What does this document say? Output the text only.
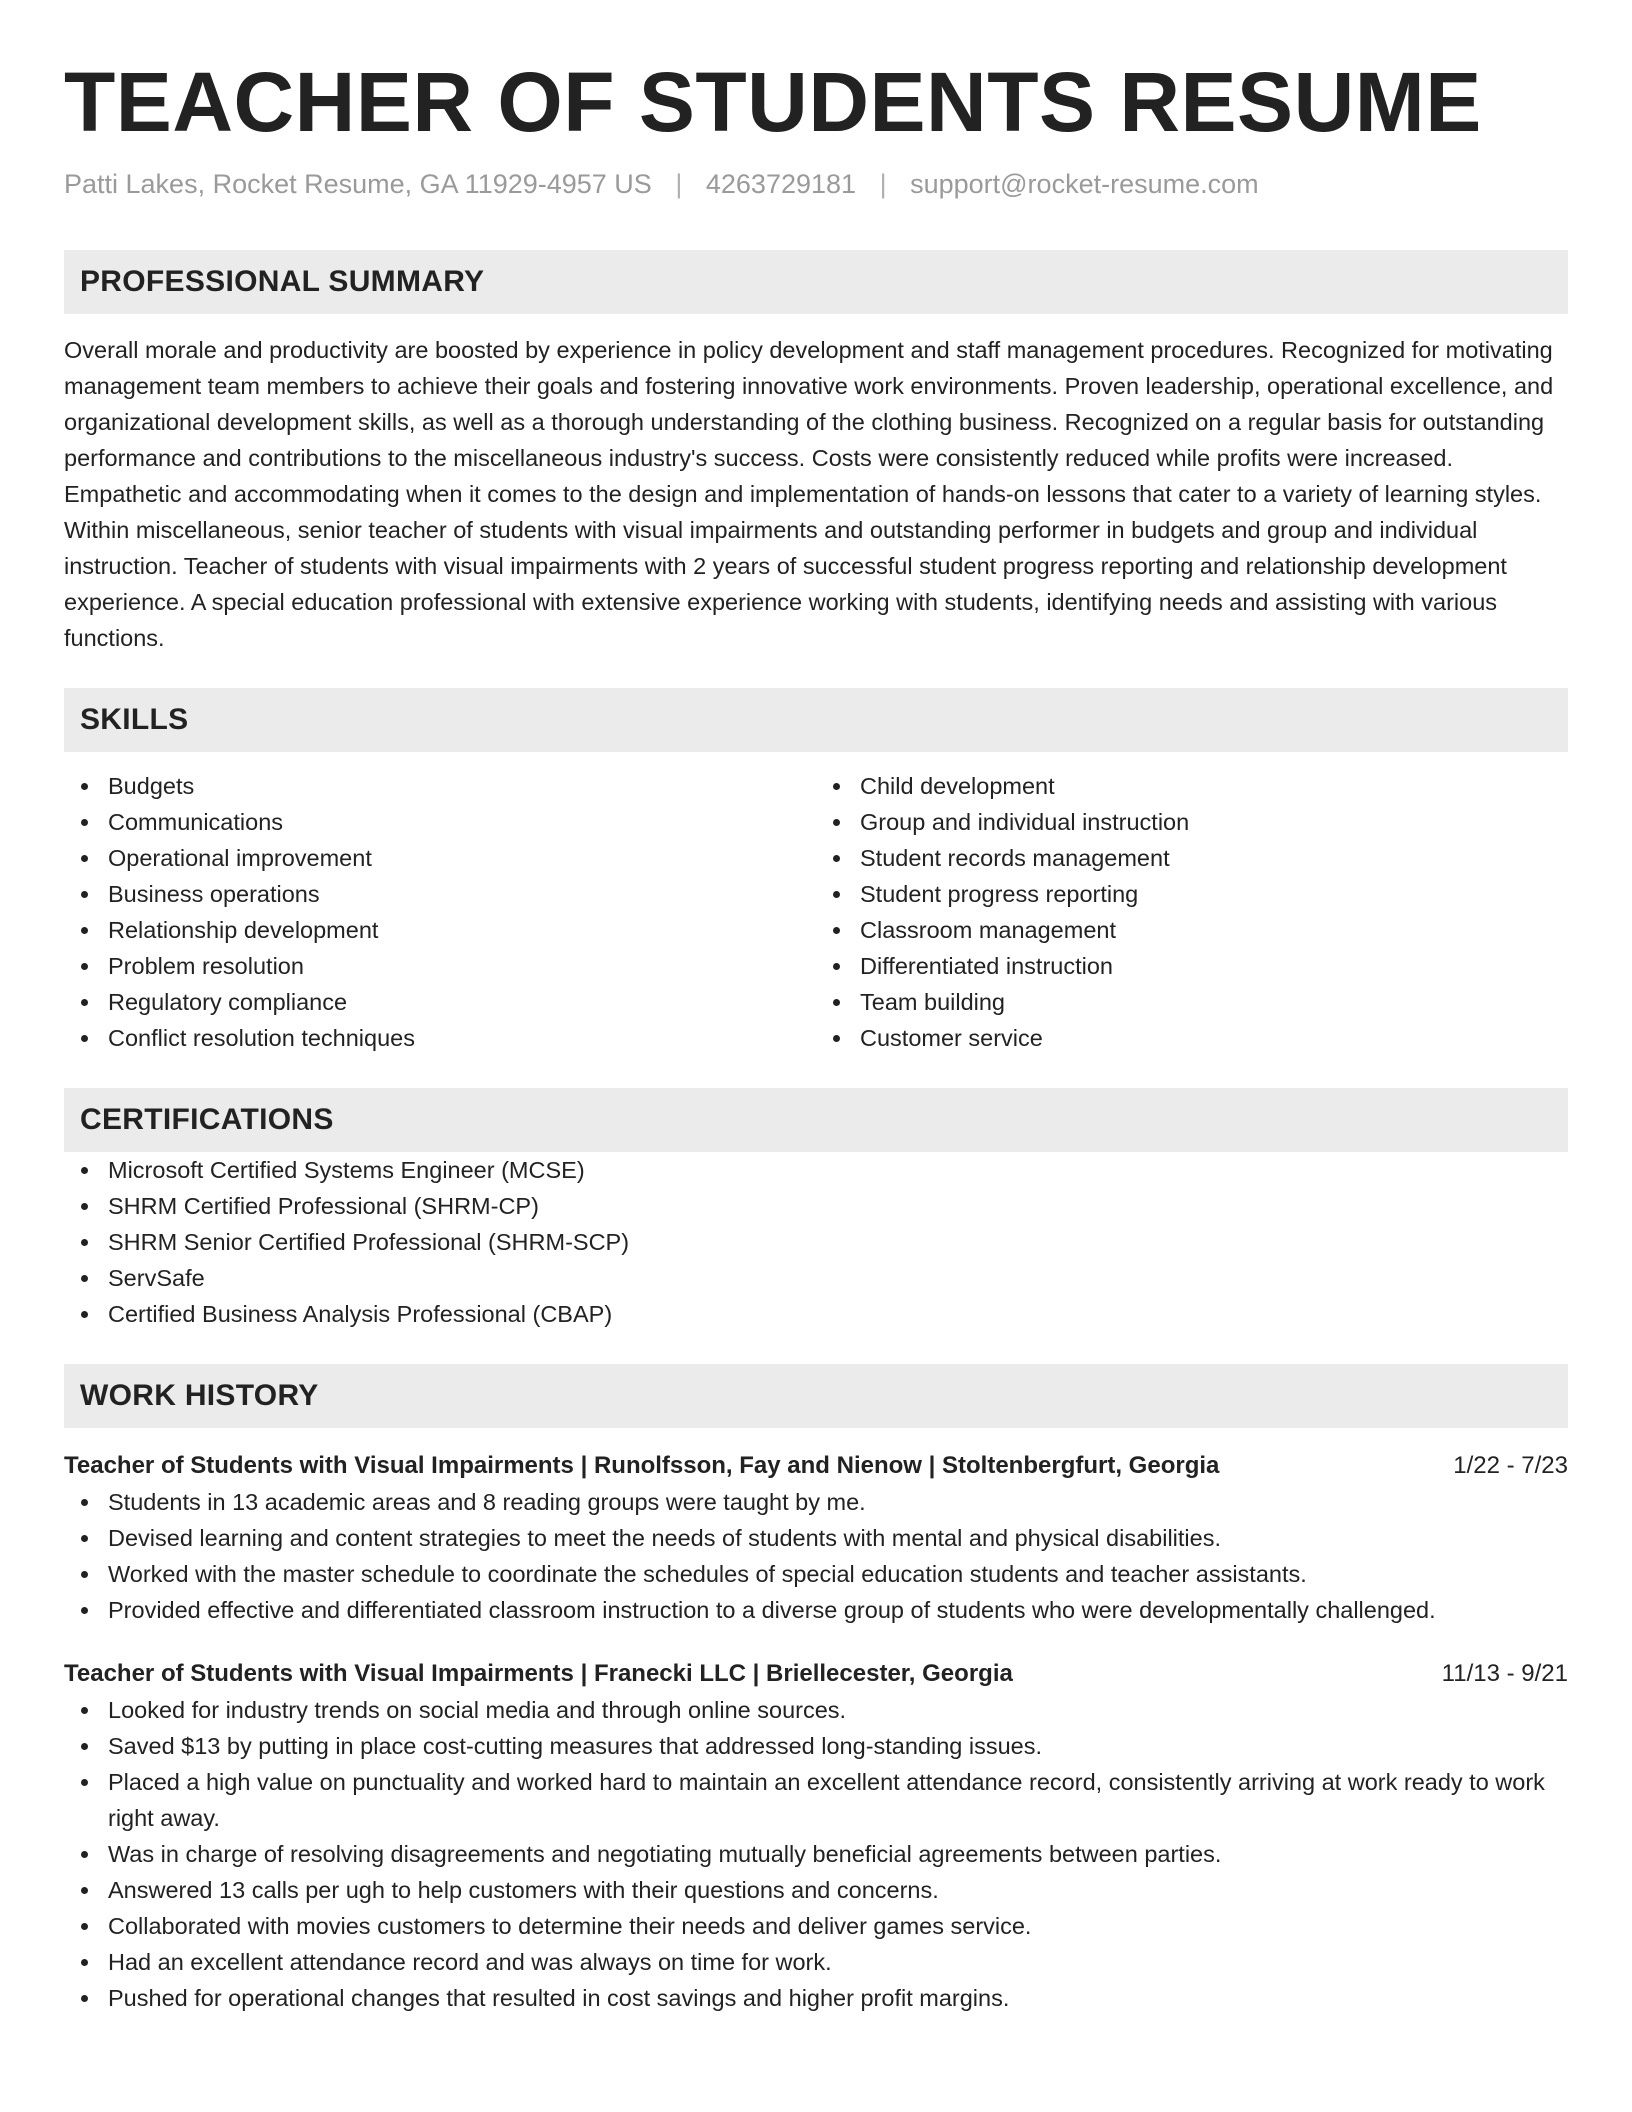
TEACHER OF STUDENTS RESUME
Patti Lakes, Rocket Resume, GA 11929-4957 US | 4263729181 | support@rocket-resume.com
PROFESSIONAL SUMMARY

Overall morale and productivity are boosted by experience in policy development and staff management procedures. Recognized for motivating management team members to achieve their goals and fostering innovative work environments. Proven leadership, operational excellence, and organizational development skills, as well as a thorough understanding of the clothing business. Recognized on a regular basis for outstanding performance and contributions to the miscellaneous industry's success. Costs were consistently reduced while profits were increased. Empathetic and accommodating when it comes to the design and implementation of hands-on lessons that cater to a variety of learning styles. Within miscellaneous, senior teacher of students with visual impairments and outstanding performer in budgets and group and individual instruction. Teacher of students with visual impairments with 2 years of successful student progress reporting and relationship development experience. A special education professional with extensive experience working with students, identifying needs and assisting with various functions.

SKILLS
Budgets
Communications
Operational improvement
Business operations
Relationship development
Problem resolution
Regulatory compliance
Conflict resolution techniques
Child development
Group and individual instruction
Student records management
Student progress reporting
Classroom management
Differentiated instruction
Team building
Customer service
CERTIFICATIONS
Microsoft Certified Systems Engineer (MCSE)
SHRM Certified Professional (SHRM-CP)
SHRM Senior Certified Professional (SHRM-SCP)
ServSafe
Certified Business Analysis Professional (CBAP)
WORK HISTORY
Teacher of Students with Visual Impairments | Runolfsson, Fay and Nienow | Stoltenbergfurt, Georgia	1/22 - 7/23
Students in 13 academic areas and 8 reading groups were taught by me.
Devised learning and content strategies to meet the needs of students with mental and physical disabilities.
Worked with the master schedule to coordinate the schedules of special education students and teacher assistants.
Provided effective and differentiated classroom instruction to a diverse group of students who were developmentally challenged.
Teacher of Students with Visual Impairments | Franecki LLC | Briellecester, Georgia	11/13 - 9/21
Looked for industry trends on social media and through online sources.
Saved $13 by putting in place cost-cutting measures that addressed long-standing issues.
Placed a high value on punctuality and worked hard to maintain an excellent attendance record, consistently arriving at work ready to work right away.
Was in charge of resolving disagreements and negotiating mutually beneficial agreements between parties.
Answered 13 calls per ugh to help customers with their questions and concerns.
Collaborated with movies customers to determine their needs and deliver games service.
Had an excellent attendance record and was always on time for work.
Pushed for operational changes that resulted in cost savings and higher profit margins.
